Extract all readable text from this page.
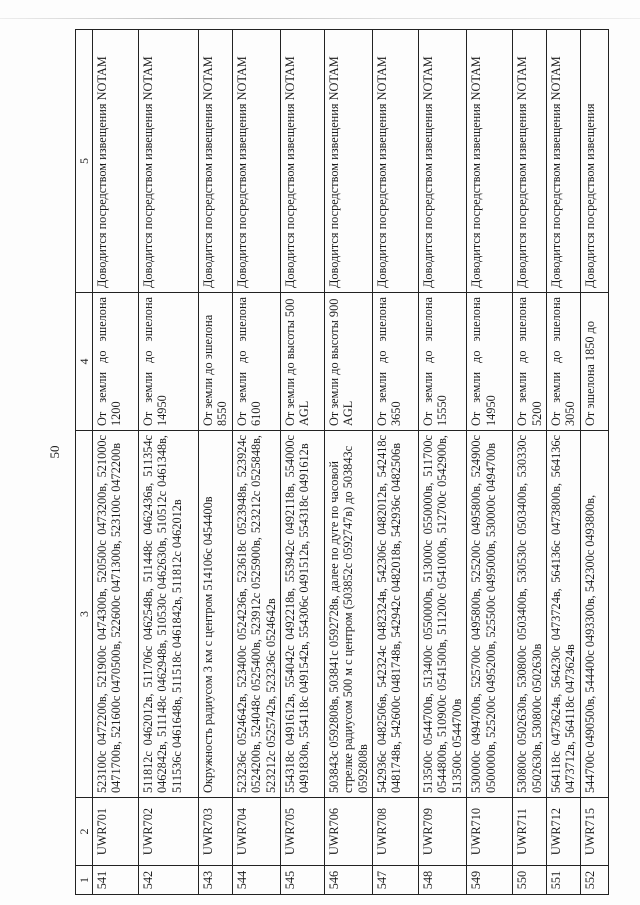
50
1	2	3	4	5
541	UWR701	523100с 0472200в, 521900с 0474300в, 520500с 0473200в, 521000с 0471700в, 521600с 0470500в, 522600с 0471300в, 523100с 0472200в	От земли до эшелона 1200	Доводится посредством извещения NOTAM
542	UWR702	511812с 0462012в, 511706с 0462548в, 511448с 0462436в, 511354с 0462842в, 511148с 0462948в, 510530с 0462630в, 510512с 0461348в, 511536с 0461648в, 511518с 0461842в, 511812с 0462012в	От земли до эшелона 14950	Доводится посредством извещения NOTAM
543	UWR703	Окружность радиусом 3 км с центром 514106с 0454400в	От земли до эшелона 8550	Доводится посредством извещения NOTAM
544	UWR704	523236с 0524642в, 523400с 0524236в, 523618с 0523948в, 523924с 0524200в, 524048с 0525400в, 523912с 0525900в, 523212с 0525848в, 523212с 0525742в, 523236с 0524642в	От земли до эшелона 6100	Доводится посредством извещения NOTAM
545	UWR705	554318с 0491612в, 554042с 0492218в, 553942с 0492118в, 554000с 0491830в, 554118с 0491542в, 554306с 0491512в, 554318с 0491612в	От земли до высоты 500 AGL	Доводится посредством извещения NOTAM
546	UWR706	503843с 0592808в, 503841с 0592728в, далее по дуге по часовой стрелке радиусом 500 м с центром (503852с 0592747в) до 503843с 0592808в	От земли до высоты 900 AGL	Доводится посредством извещения NOTAM
547	UWR708	542936с 0482506в, 542324с 0482324в, 542306с 0482012в, 542418с 0481748в, 542600с 0481748в, 542942с 0482018в, 542936с 0482506в	От земли до эшелона 3650	Доводится посредством извещения NOTAM
548	UWR709	513500с 0544700в, 513400с 0550000в, 513000с 0550000в, 511700с 0544800в, 510900с 0541500в, 511200с 0541000в, 512700с 0542900в, 513500с 0544700в	От земли до эшелона 15550	Доводится посредством извещения NOTAM
549	UWR710	530000с 0494700в, 525700с 0495800в, 525200с 0495800в, 524900с 0500000в, 525200с 0495200в, 525500с 0495000в, 530000с 0494700в	От земли до эшелона 14950	Доводится посредством извещения NOTAM
550	UWR711	530800с 0502630в, 530800с 0503400в, 530530с 0503400в, 530330с 0502630в, 530800с 0502630в	От земли до эшелона 5200	Доводится посредством извещения NOTAM
551	UWR712	564118с 0473624в, 564230с 0473724в, 564136с 0473800в, 564136с 0473712в, 564118с 0473624в	От земли до эшелона 3050	Доводится посредством извещения NOTAM
552	UWR715	544700с 0490500в, 544400с 0493300в, 542300с 0493800в,	От эшелона 1850 до	Доводится посредством извещения
